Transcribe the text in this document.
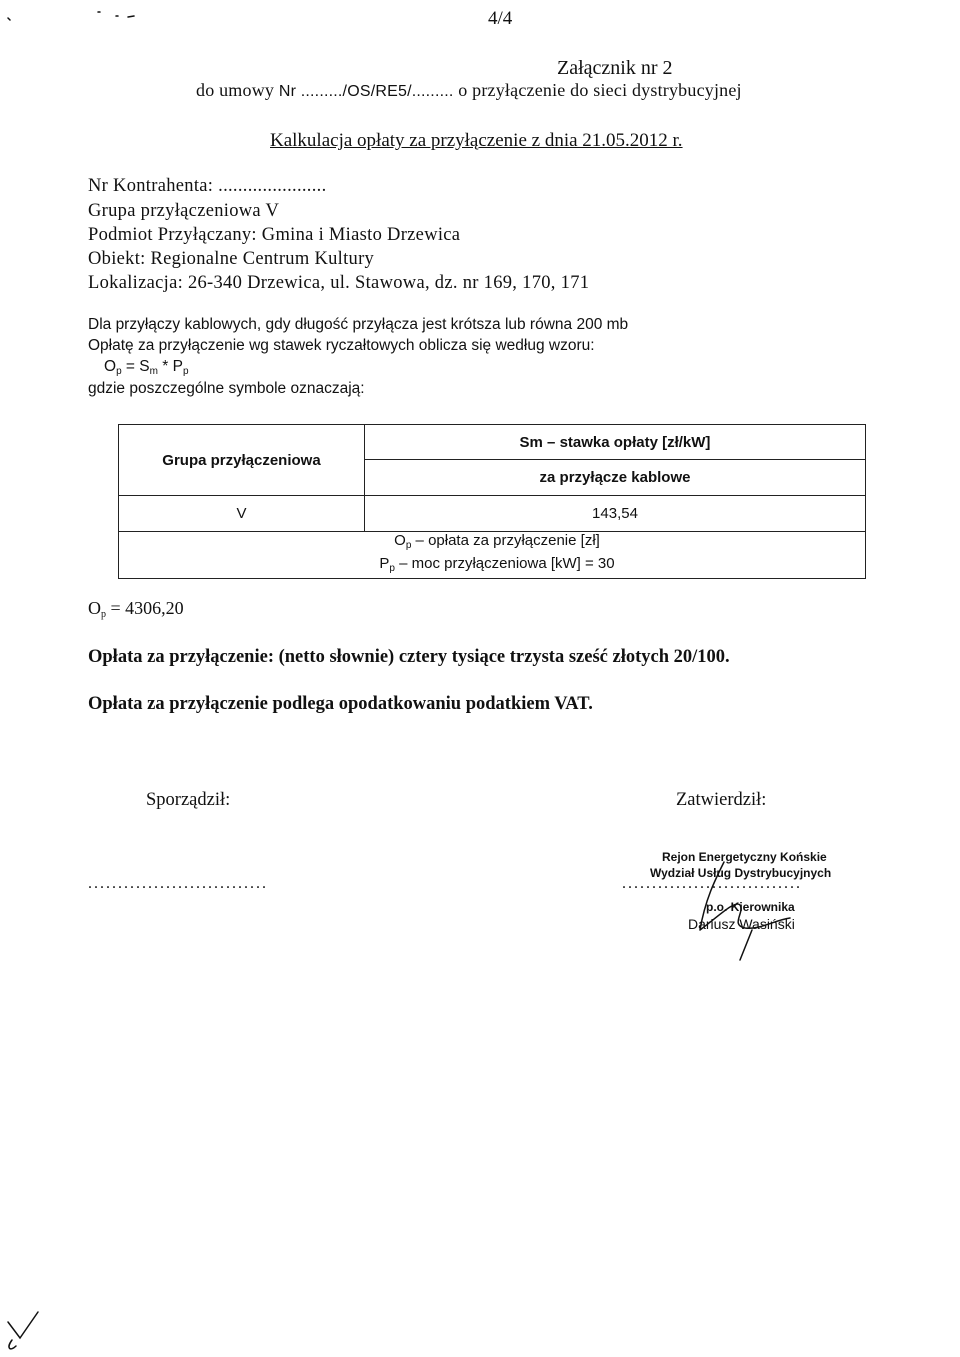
4/4
Załącznik nr 2
do umowy Nr ........./OS/RE5/......... o przyłączenie do sieci dystrybucyjnej
Kalkulacja opłaty za przyłączenie z dnia 21.05.2012 r.
Nr Kontrahenta: ......................
Grupa przyłączeniowa V
Podmiot Przyłączany: Gmina i Miasto Drzewica
Obiekt: Regionalne Centrum Kultury
Lokalizacja: 26-340 Drzewica, ul. Stawowa, dz. nr 169, 170, 171
Dla przyłączy kablowych, gdy długość przyłącza jest krótsza lub równa 200 mb
Opłatę za przyłączenie wg stawek ryczałtowych oblicza się według wzoru:
$O_p = S_m * P_p$
gdzie poszczególne symbole oznaczają:
Grupa przyłączeniowa	Sm – stawka opłaty [zł/kW]
	za przyłącze kablowe
V	143,54

$O_p$ – opłata za przyłączenie [zł]
$P_p$ – moc przyłączeniowa [kW] = 30	
$O_p = 4306,20$
Opłata za przyłączenie: (netto słownie) cztery tysiące trzysta sześć złotych 20/100.
Opłata za przyłączenie podlega opodatkowaniu podatkiem VAT.
Sporządził:	Zatwierdził:
..............................	..............................
Rejon Energetyczny Końskie
Wydział Usług Dystrybucyjnych
p.o. Kierownika
Dariusz Wasiński
